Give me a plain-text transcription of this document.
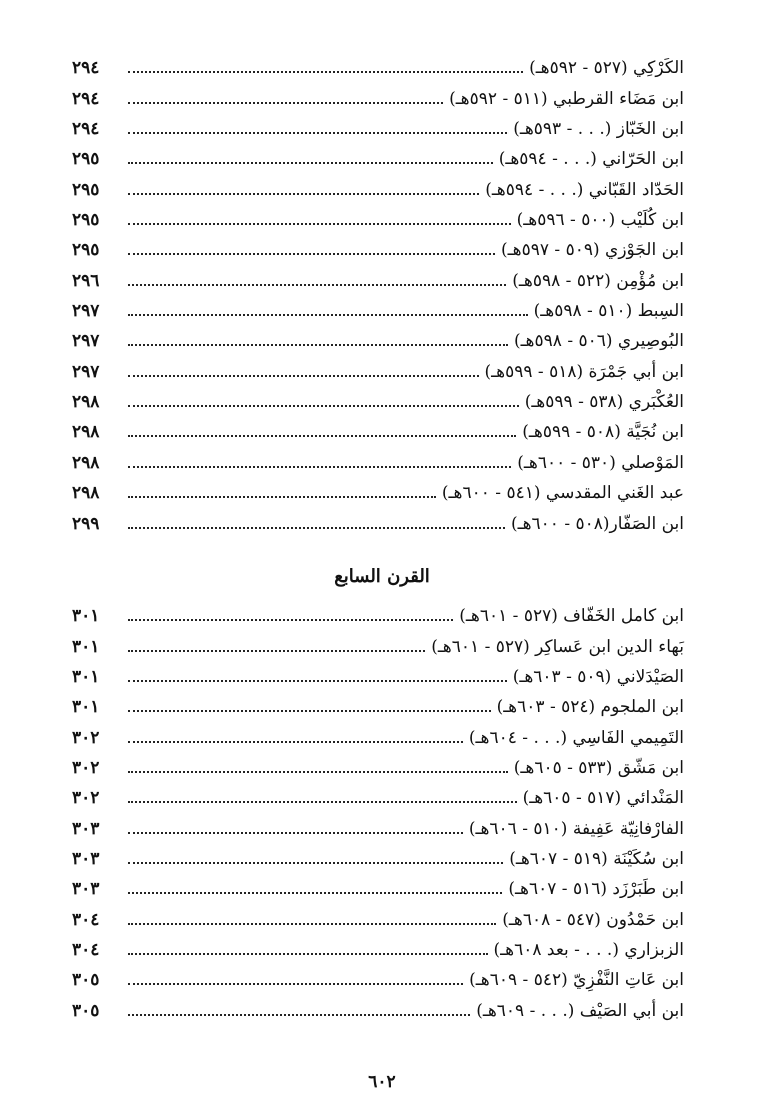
الكَرْكِي (٥٢٧ - ٥٩٢هـ)
٢٩٤
ابن مَضَاء القرطبي (٥١١ - ٥٩٢هـ)
٢٩٤
ابن الخَبّاز (. . . - ٥٩٣هـ)
٢٩٤
ابن الحَرّاني (. . . - ٥٩٤هـ)
٢٩٥
الحَدّاد القَبّاني (. . . - ٥٩٤هـ)
٢٩٥
ابن كُلَيْب (٥٠٠ - ٥٩٦هـ)
٢٩٥
ابن الجَوْزي (٥٠٩ - ٥٩٧هـ)
٢٩٥
ابن مُؤْمِن (٥٢٢ - ٥٩٨هـ)
٢٩٦
السِبط (٥١٠ - ٥٩٨هـ)
٢٩٧
البُوصِيري (٥٠٦ - ٥٩٨هـ)
٢٩٧
ابن أبي جَمْرَة (٥١٨ - ٥٩٩هـ)
٢٩٧
العُكْبَري (٥٣٨ - ٥٩٩هـ)
٢٩٨
ابن نُجَيَّة (٥٠٨ - ٥٩٩هـ)
٢٩٨
المَوْصلي (٥٣٠ - ٦٠٠هـ)
٢٩٨
عبد الغَني المقدسي (٥٤١ - ٦٠٠هـ)
٢٩٨
ابن الصَفّار(٥٠٨ - ٦٠٠هـ)
٢٩٩
القرن السابع
ابن كامل الخَفّاف (٥٢٧ - ٦٠١هـ)
٣٠١
بَهاء الدين ابن عَساكِر (٥٢٧ - ٦٠١هـ)
٣٠١
الصَيْدَلاني (٥٠٩ - ٦٠٣هـ)
٣٠١
ابن الملجوم (٥٢٤ - ٦٠٣هـ)
٣٠١
التَمِيمي الفَاسِي (. . . - ٦٠٤هـ)
٣٠٢
ابن مَشّق (٥٣٣ - ٦٠٥هـ)
٣٠٢
المَنْدائي (٥١٧ - ٦٠٥هـ)
٣٠٢
الفارْفانِيّة عَفِيفة (٥١٠ - ٦٠٦هـ)
٣٠٣
ابن سُكَيْنَة (٥١٩ - ٦٠٧هـ)
٣٠٣
ابن طَبَرْزَد (٥١٦ - ٦٠٧هـ)
٣٠٣
ابن حَمْدُون (٥٤٧ - ٦٠٨هـ)
٣٠٤
الزبزاري (. . . - بعد ٦٠٨هـ)
٣٠٤
ابن عَاتِ النَّفْزِيّ (٥٤٢ - ٦٠٩هـ)
٣٠٥
ابن أبي الصَيْف (. . . - ٦٠٩هـ)
٣٠٥
٦٠٢
